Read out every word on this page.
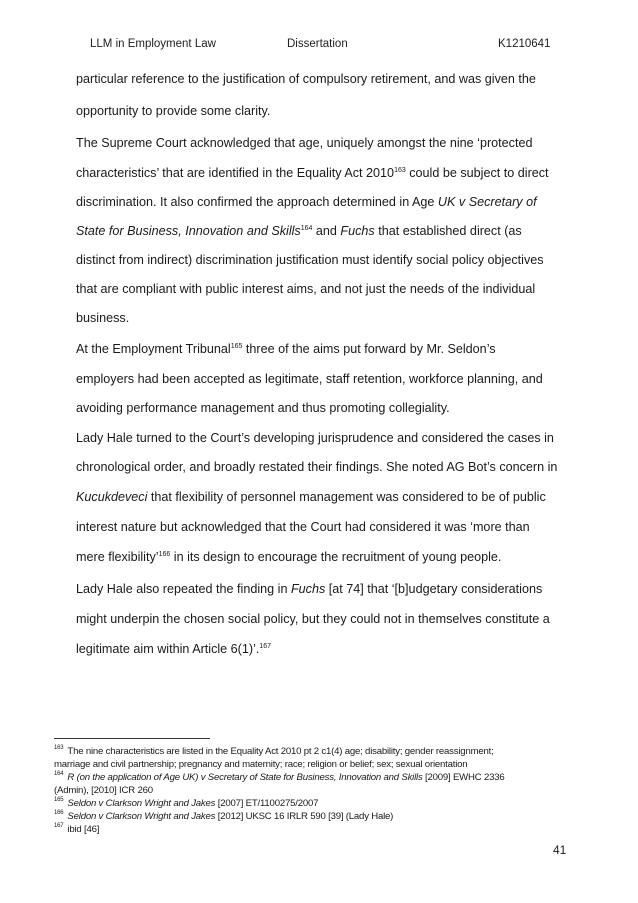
LLM in Employment Law	Dissertation	K1210641
particular reference to the justification of compulsory retirement, and was given the
opportunity to provide some clarity.
The Supreme Court acknowledged that age, uniquely amongst the nine ‘protected
characteristics’ that are identified in the Equality Act 2010$^{163}$ could be subject to direct
discrimination. It also confirmed the approach determined in Age UK v Secretary of
State for Business, Innovation and Skills$^{164}$ and Fuchs that established direct (as
distinct from indirect) discrimination justification must identify social policy objectives
that are compliant with public interest aims, and not just the needs of the individual
business.
At the Employment Tribunal$^{165}$ three of the aims put forward by Mr. Seldon’s
employers had been accepted as legitimate, staff retention, workforce planning, and
avoiding performance management and thus promoting collegiality.
Lady Hale turned to the Court’s developing jurisprudence and considered the cases in
chronological order, and broadly restated their findings. She noted AG Bot’s concern in
Kucukdeveci that flexibility of personnel management was considered to be of public
interest nature but acknowledged that the Court had considered it was ‘more than
mere flexibility’$^{166}$ in its design to encourage the recruitment of young people.
Lady Hale also repeated the finding in Fuchs [at 74] that ‘[b]udgetary considerations
might underpin the chosen social policy, but they could not in themselves constitute a
legitimate aim within Article 6(1)’.$^{167}$
$^{163}$ The nine characteristics are listed in the Equality Act 2010 pt 2 c1(4) age; disability; gender reassignment;
marriage and civil partnership; pregnancy and maternity; race; religion or belief; sex; sexual orientation
$^{164}$ R (on the application of Age UK) v Secretary of State for Business, Innovation and Skills [2009] EWHC 2336
(Admin), [2010] ICR 260
$^{165}$ Seldon v Clarkson Wright and Jakes [2007] ET/1100275/2007
$^{166}$ Seldon v Clarkson Wright and Jakes [2012] UKSC 16 IRLR 590 [39] (Lady Hale)
$^{167}$ ibid [46]
41
